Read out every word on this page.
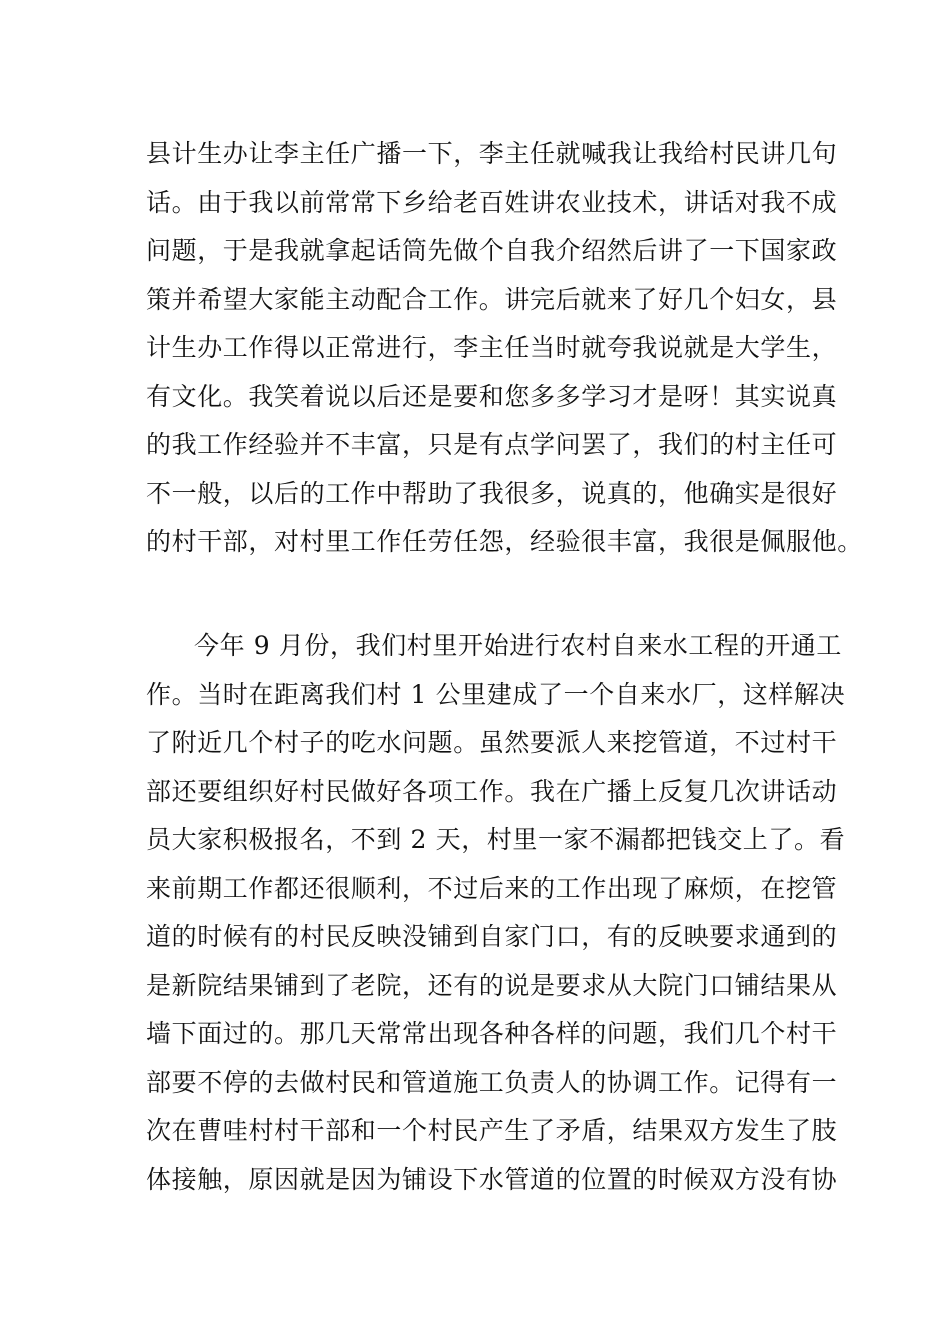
县计生办让李主任广播一下，李主任就喊我让我给村民讲几句
话。由于我以前常常下乡给老百姓讲农业技术，讲话对我不成
问题，于是我就拿起话筒先做个自我介绍然后讲了一下国家政
策并希望大家能主动配合工作。讲完后就来了好几个妇女，县
计生办工作得以正常进行，李主任当时就夸我说就是大学生，
有文化。我笑着说以后还是要和您多多学习才是呀！其实说真
的我工作经验并不丰富，只是有点学问罢了，我们的村主任可
不一般，以后的工作中帮助了我很多，说真的，他确实是很好
的村干部，对村里工作任劳任怨，经验很丰富，我很是佩服他。
今年 9 月份，我们村里开始进行农村自来水工程的开通工
作。当时在距离我们村 1 公里建成了一个自来水厂，这样解决
了附近几个村子的吃水问题。虽然要派人来挖管道，不过村干
部还要组织好村民做好各项工作。我在广播上反复几次讲话动
员大家积极报名，不到 2 天，村里一家不漏都把钱交上了。看
来前期工作都还很顺利，不过后来的工作出现了麻烦，在挖管
道的时候有的村民反映没铺到自家门口，有的反映要求通到的
是新院结果铺到了老院，还有的说是要求从大院门口铺结果从
墙下面过的。那几天常常出现各种各样的问题，我们几个村干
部要不停的去做村民和管道施工负责人的协调工作。记得有一
次在曹哇村村干部和一个村民产生了矛盾，结果双方发生了肢
体接触，原因就是因为铺设下水管道的位置的时候双方没有协
